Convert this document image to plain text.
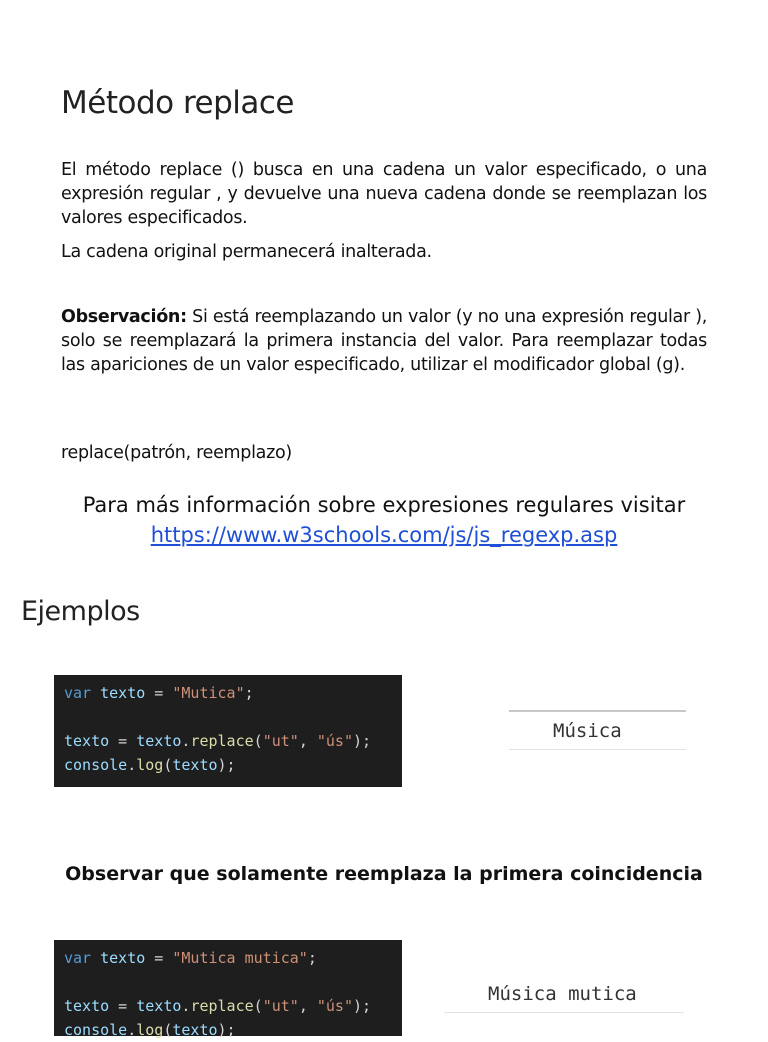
Método replace

El método replace () busca en una cadena un valor especificado, o una expresión regular , y devuelve una nueva cadena donde se reemplazan los valores especificados.

La cadena original permanecerá inalterada.

Observación: Si está reemplazando un valor (y no una expresión regular ), solo se reemplazará la primera instancia del valor. Para reemplazar todas las apariciones de un valor especificado, utilizar el modificador global (g).

replace(patrón, reemplazo)

Para más información sobre expresiones regulares visitar
https://www.w3schools.com/js/js_regexp.asp
Ejemplos
var texto = "Mutica";

texto = texto.replace("ut", "ús");
console.log(texto);
Música
Observar que solamente reemplaza la primera coincidencia
var texto = "Mutica mutica";

texto = texto.replace("ut", "ús");
console.log(texto);
Música mutica
